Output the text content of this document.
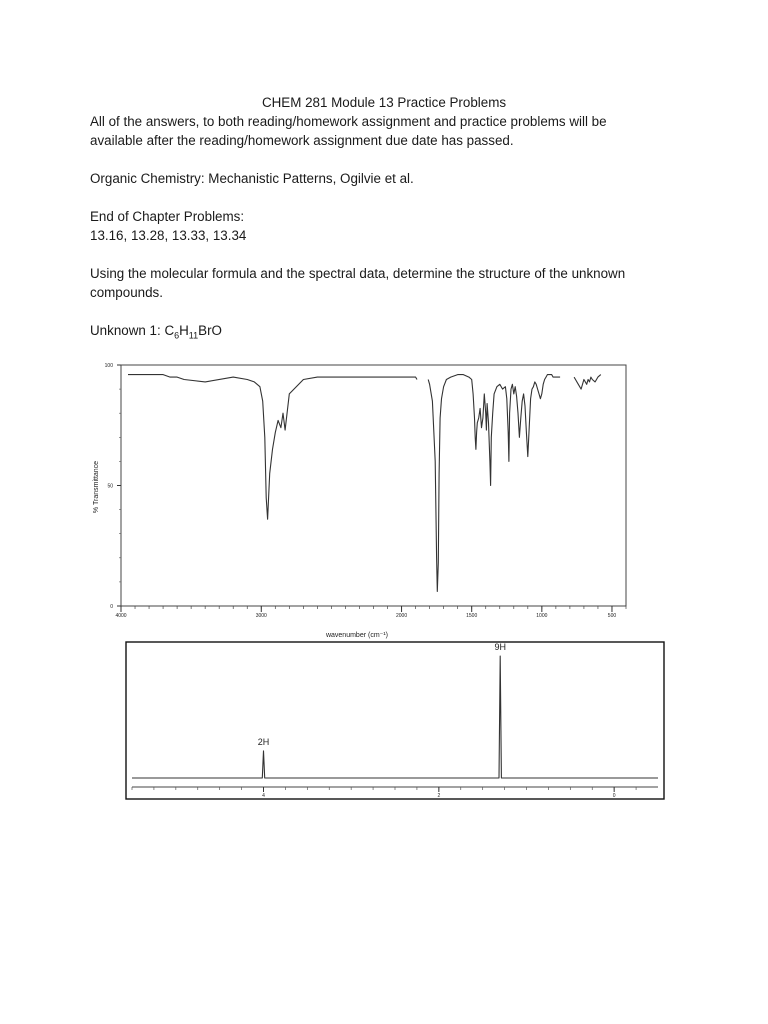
CHEM 281 Module 13 Practice Problems
All of the answers, to both reading/homework assignment and practice problems will be
available after the reading/homework assignment due date has passed.
Organic Chemistry: Mechanistic Patterns, Ogilvie et al.
End of Chapter Problems:
13.16, 13.28, 13.33, 13.34
Using the molecular formula and the spectral data, determine the structure of the unknown
compounds.
Unknown 1: $C_6H_{11}BrO$
% Transmittance
wavenumber (cm⁻¹)
4000	3000	2000	1500	1000	500
100
50
0
4	2	0
2H
9H
